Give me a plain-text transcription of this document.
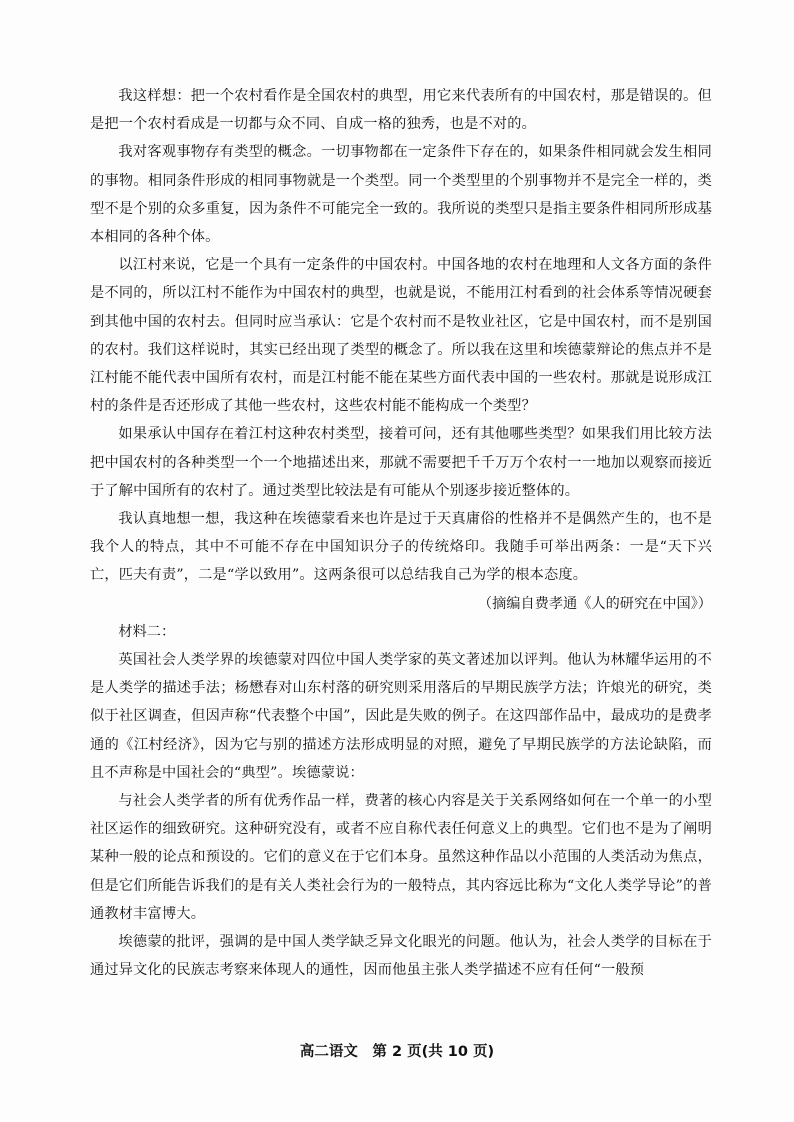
我这样想：把一个农村看作是全国农村的典型，用它来代表所有的中国农村，那是错误的。但是把一个农村看成是一切都与众不同、自成一格的独秀，也是不对的。

我对客观事物存有类型的概念。一切事物都在一定条件下存在的，如果条件相同就会发生相同的事物。相同条件形成的相同事物就是一个类型。同一个类型里的个别事物并不是完全一样的，类型不是个别的众多重复，因为条件不可能完全一致的。我所说的类型只是指主要条件相同所形成基本相同的各种个体。

以江村来说，它是一个具有一定条件的中国农村。中国各地的农村在地理和人文各方面的条件是不同的，所以江村不能作为中国农村的典型，也就是说，不能用江村看到的社会体系等情况硬套到其他中国的农村去。但同时应当承认：它是个农村而不是牧业社区，它是中国农村，而不是别国的农村。我们这样说时，其实已经出现了类型的概念了。所以我在这里和埃德蒙辩论的焦点并不是江村能不能代表中国所有农村，而是江村能不能在某些方面代表中国的一些农村。那就是说形成江村的条件是否还形成了其他一些农村，这些农村能不能构成一个类型？

如果承认中国存在着江村这种农村类型，接着可问，还有其他哪些类型？如果我们用比较方法把中国农村的各种类型一个一个地描述出来，那就不需要把千千万万个农村一一地加以观察而接近于了解中国所有的农村了。通过类型比较法是有可能从个别逐步接近整体的。

我认真地想一想，我这种在埃德蒙看来也许是过于天真庸俗的性格并不是偶然产生的，也不是我个人的特点，其中不可能不存在中国知识分子的传统烙印。我随手可举出两条：一是“天下兴亡，匹夫有责”，二是“学以致用”。这两条很可以总结我自己为学的根本态度。

（摘编自费孝通《人的研究在中国》）

材料二：

英国社会人类学界的埃德蒙对四位中国人类学家的英文著述加以评判。他认为林耀华运用的不是人类学的描述手法；杨懋春对山东村落的研究则采用落后的早期民族学方法；许烺光的研究，类似于社区调查，但因声称“代表整个中国”，因此是失败的例子。在这四部作品中，最成功的是费孝通的《江村经济》，因为它与别的描述方法形成明显的对照，避免了早期民族学的方法论缺陷，而且不声称是中国社会的“典型”。埃德蒙说：

与社会人类学者的所有优秀作品一样，费著的核心内容是关于关系网络如何在一个单一的小型社区运作的细致研究。这种研究没有，或者不应自称代表任何意义上的典型。它们也不是为了阐明某种一般的论点和预设的。它们的意义在于它们本身。虽然这种作品以小范围的人类活动为焦点，但是它们所能告诉我们的是有关人类社会行为的一般特点，其内容远比称为“文化人类学导论”的普通教材丰富博大。

埃德蒙的批评，强调的是中国人类学缺乏异文化眼光的问题。他认为，社会人类学的目标在于通过异文化的民族志考察来体现人的通性，因而他虽主张人类学描述不应有任何“一般预

高二语文　第 2 页(共 10 页)
